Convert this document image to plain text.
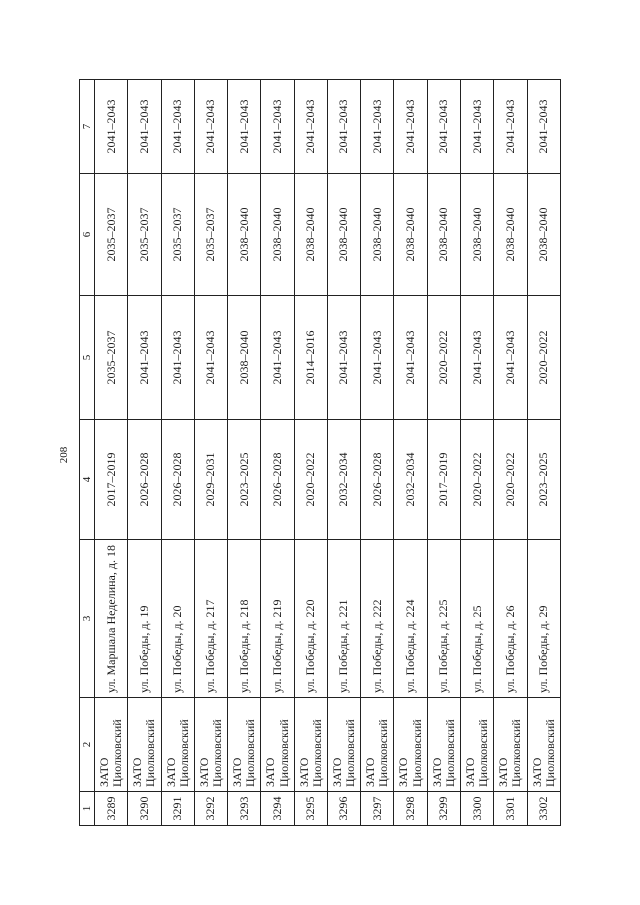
208
1	2	3	4	5	6	7
3289	ЗАТО Циолковский	ул. Маршала Неделина, д. 18	2017–2019	2035–2037	2035–2037	2041–2043
3290	ЗАТО Циолковский	ул. Победы, д. 19	2026–2028	2041–2043	2035–2037	2041–2043
3291	ЗАТО Циолковский	ул. Победы, д. 20	2026–2028	2041–2043	2035–2037	2041–2043
3292	ЗАТО Циолковский	ул. Победы, д. 217	2029–2031	2041–2043	2035–2037	2041–2043
3293	ЗАТО Циолковский	ул. Победы, д. 218	2023–2025	2038–2040	2038–2040	2041–2043
3294	ЗАТО Циолковский	ул. Победы, д. 219	2026–2028	2041–2043	2038–2040	2041–2043
3295	ЗАТО Циолковский	ул. Победы, д. 220	2020–2022	2014–2016	2038–2040	2041–2043
3296	ЗАТО Циолковский	ул. Победы, д. 221	2032–2034	2041–2043	2038–2040	2041–2043
3297	ЗАТО Циолковский	ул. Победы, д. 222	2026–2028	2041–2043	2038–2040	2041–2043
3298	ЗАТО Циолковский	ул. Победы, д. 224	2032–2034	2041–2043	2038–2040	2041–2043
3299	ЗАТО Циолковский	ул. Победы, д. 225	2017–2019	2020–2022	2038–2040	2041–2043
3300	ЗАТО Циолковский	ул. Победы, д. 25	2020–2022	2041–2043	2038–2040	2041–2043
3301	ЗАТО Циолковский	ул. Победы, д. 26	2020–2022	2041–2043	2038–2040	2041–2043
3302	ЗАТО Циолковский	ул. Победы, д. 29	2023–2025	2020–2022	2038–2040	2041–2043
